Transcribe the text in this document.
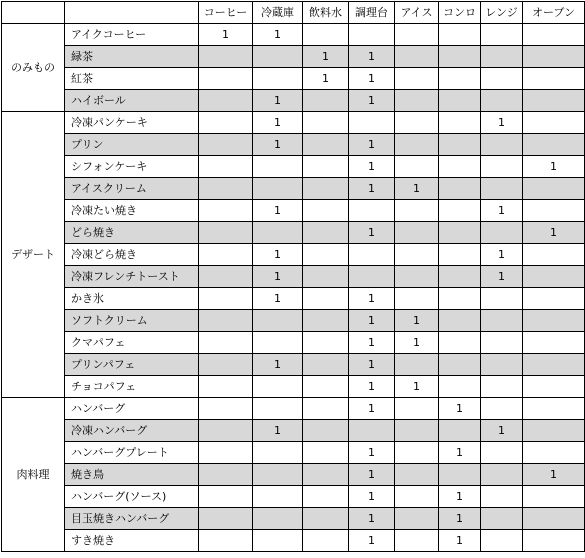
		コーヒー	冷蔵庫	飲料水	調理台	アイス	コンロ	レンジ	オーブン
のみもの	アイクコーヒー	1	1						
	緑茶			1	1				
	紅茶			1	1				
	ハイボール		1		1				
デザート	冷凍パンケーキ		1					1	
	プリン		1		1				
	シフォンケーキ				1				1
	アイスクリーム				1	1			
	冷凍たい焼き		1					1	
	どら焼き				1				1
	冷凍どら焼き		1					1	
	冷凍フレンチトースト		1					1	
	かき氷		1		1				
	ソフトクリーム				1	1			
	クマパフェ				1	1			
	プリンパフェ		1		1				
	チョコパフェ				1	1			
肉料理	ハンバーグ				1		1		
	冷凍ハンバーグ		1					1	
	ハンバーグプレート				1		1		
	焼き鳥				1				1
	ハンバーグ(ソース)				1		1		
	目玉焼きハンバーグ				1		1		
	すき焼き				1		1		
